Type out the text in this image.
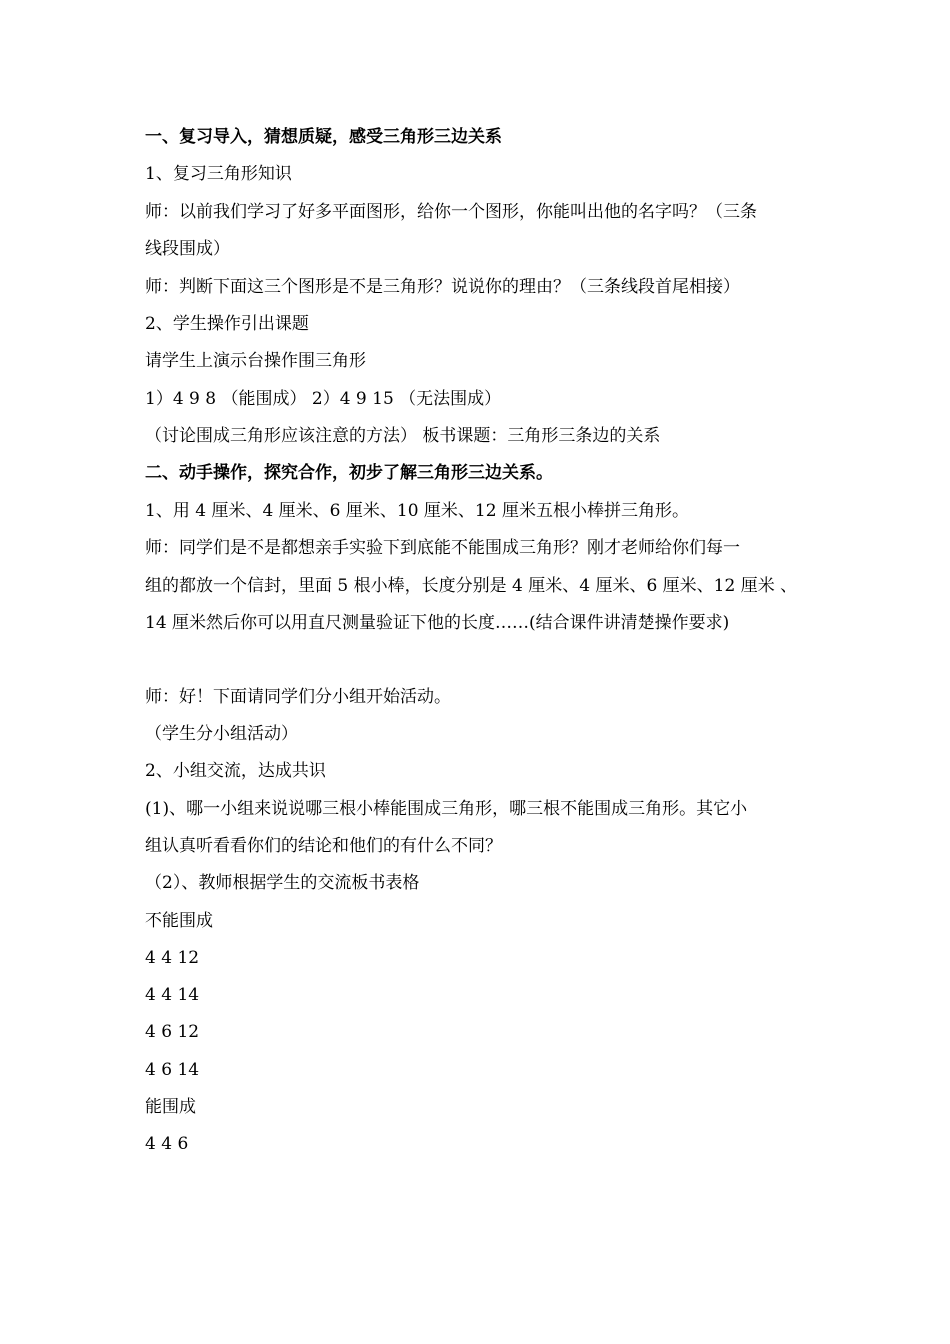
一、复习导入，猜想质疑，感受三角形三边关系
1、复习三角形知识
师：以前我们学习了好多平面图形，给你一个图形，你能叫出他的名字吗？（三条
线段围成）
师：判断下面这三个图形是不是三角形？说说你的理由？（三条线段首尾相接）
2、学生操作引出课题
请学生上演示台操作围三角形
1）4 9 8 （能围成） 2）4 9 15 （无法围成）
（讨论围成三角形应该注意的方法） 板书课题：三角形三条边的关系
二、动手操作，探究合作，初步了解三角形三边关系。
1、用 4 厘米、4 厘米、6 厘米、10 厘米、12 厘米五根小棒拼三角形。
师：同学们是不是都想亲手实验下到底能不能围成三角形？刚才老师给你们每一
组的都放一个信封，里面 5 根小棒，长度分别是 4 厘米、4 厘米、6 厘米、12 厘米 、
14 厘米然后你可以用直尺测量验证下他的长度……(结合课件讲清楚操作要求)
师：好！下面请同学们分小组开始活动。
（学生分小组活动）
2、小组交流，达成共识
(1)、哪一小组来说说哪三根小棒能围成三角形，哪三根不能围成三角形。其它小
组认真听看看你们的结论和他们的有什么不同？
（2）、教师根据学生的交流板书表格
不能围成
4 4 12
4 4 14
4 6 12
4 6 14
能围成
4 4 6
